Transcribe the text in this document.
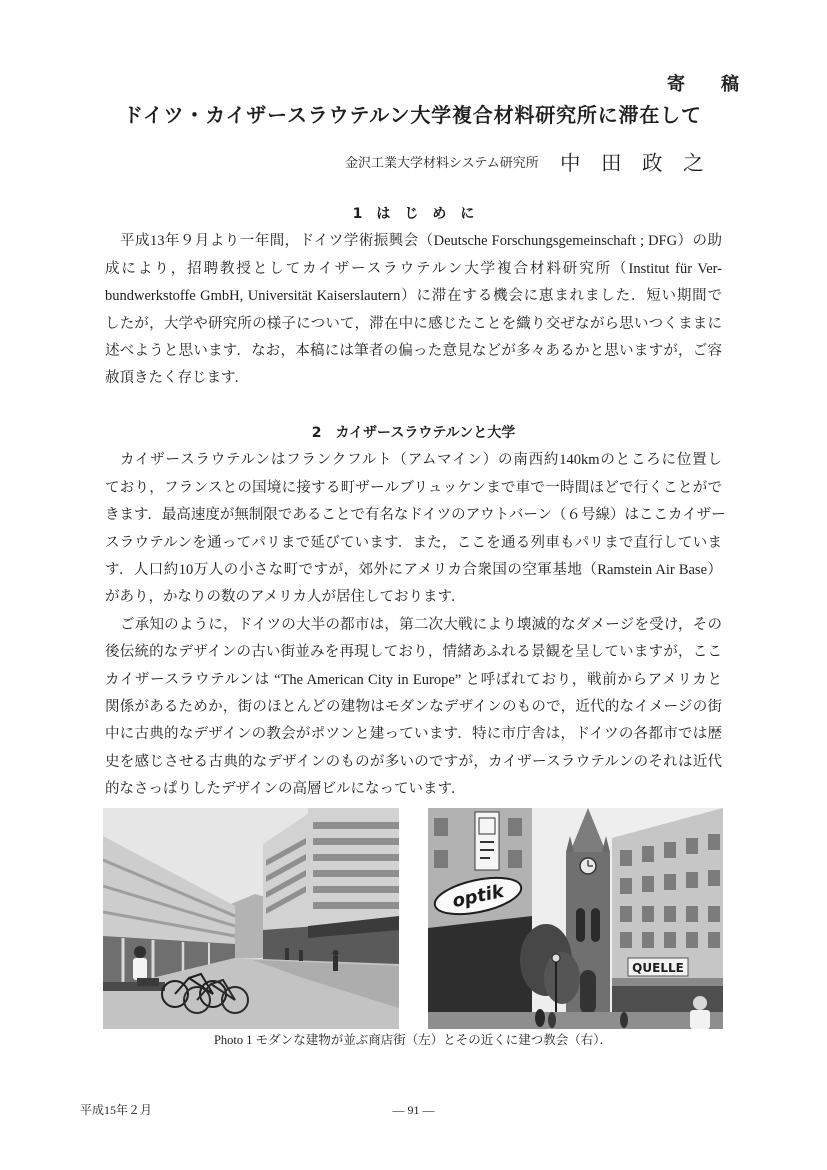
寄　　稿
ドイツ・カイザースラウテルン大学複合材料研究所に滞在して
金沢工業大学材料システム研究所 中　田　政　之
1　は　じ　め　に
平成13年９月より一年間，ドイツ学術振興会（Deutsche Forschungsgemeinschaft ; DFG）の助
成により，招聘教授としてカイザースラウテルン大学複合材料研究所（Institut für Ver-
bundwerkstoffe GmbH, Universität Kaiserslautern）に滞在する機会に恵まれました．短い期間で
したが，大学や研究所の様子について，滞在中に感じたことを織り交ぜながら思いつくままに
述べようと思います．なお，本稿には筆者の偏った意見などが多々あるかと思いますが，ご容
赦頂きたく存じます．
2　カイザースラウテルンと大学
カイザースラウテルンはフランクフルト（アムマイン）の南西約140kmのところに位置し
ており，フランスとの国境に接する町ザールブリュッケンまで車で一時間ほどで行くことがで
きます．最高速度が無制限であることで有名なドイツのアウトバーン（６号線）はここカイザー
スラウテルンを通ってパリまで延びています．また，ここを通る列車もパリまで直行していま
す．人口約10万人の小さな町ですが，郊外にアメリカ合衆国の空軍基地（Ramstein Air Base）
があり，かなりの数のアメリカ人が居住しております．
ご承知のように，ドイツの大半の都市は，第二次大戦により壊滅的なダメージを受け，その
後伝統的なデザインの古い街並みを再現しており，情緒あふれる景観を呈していますが，ここ
カイザースラウテルンは “The American City in Europe” と呼ばれており，戦前からアメリカと
関係があるためか，街のほとんどの建物はモダンなデザインのもので，近代的なイメージの街
中に古典的なデザインの教会がポツンと建っています．特に市庁舎は，ドイツの各都市では歴
史を感じさせる古典的なデザインのものが多いのですが，カイザースラウテルンのそれは近代
的なさっぱりしたデザインの高層ビルになっています．
QUELLE
optik
Photo 1 モダンな建物が並ぶ商店街（左）とその近くに建つ教会（右）．
平成15年２月	— 91 —
